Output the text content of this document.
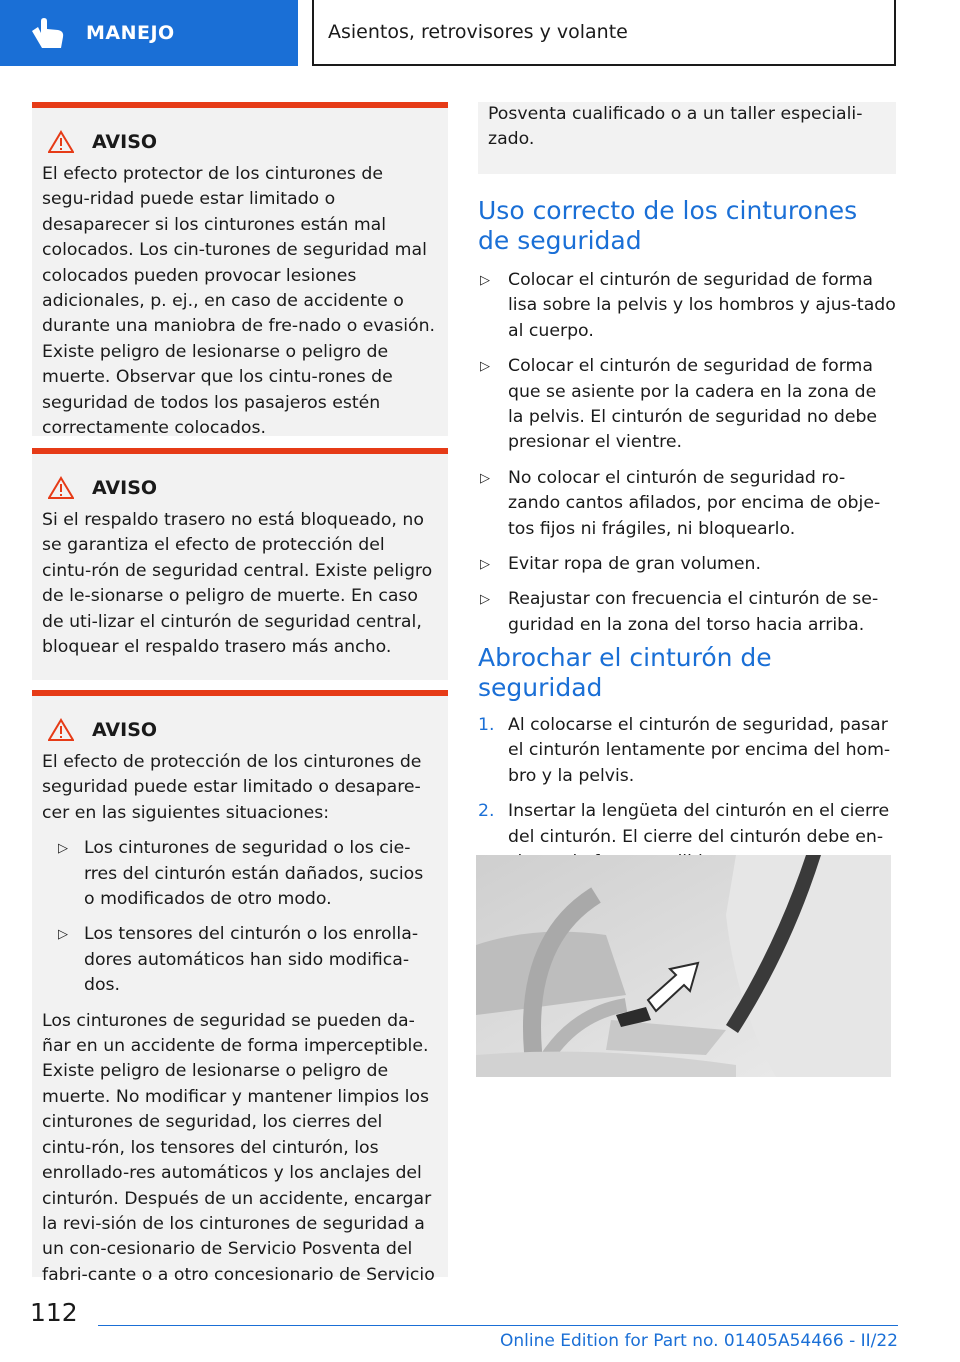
MANEJO	Asientos, retrovisores y volante
AVISO

El efecto protector de los cinturones de segu-ridad puede estar limitado o desaparecer si los cinturones están mal colocados. Los cin-turones de seguridad mal colocados pueden provocar lesiones adicionales, p. ej., en caso de accidente o durante una maniobra de fre-nado o evasión. Existe peligro de lesionarse o peligro de muerte. Observar que los cintu-rones de seguridad de todos los pasajeros estén correctamente colocados.

AVISO

Si el respaldo trasero no está bloqueado, no se garantiza el efecto de protección del cintu-rón de seguridad central. Existe peligro de le-sionarse o peligro de muerte. En caso de uti-lizar el cinturón de seguridad central, bloquear el respaldo trasero más ancho.

AVISO

El efecto de protección de los cinturones de seguridad puede estar limitado o desapare-cer en las siguientes situaciones:

▷ Los cinturones de seguridad o los cie-rres del cinturón están dañados, sucios o modificados de otro modo.
▷ Los tensores del cinturón o los enrolla-dores automáticos han sido modifica-dos.

Los cinturones de seguridad se pueden da-ñar en un accidente de forma imperceptible. Existe peligro de lesionarse o peligro de muerte. No modificar y mantener limpios los cinturones de seguridad, los cierres del cintu-rón, los tensores del cinturón, los enrollado-res automáticos y los anclajes del cinturón. Después de un accidente, encargar la revi-sión de los cinturones de seguridad a un con-cesionario de Servicio Posventa del fabri-cante o a otro concesionario de Servicio

Posventa cualificado o a un taller especiali-zado.

Uso correcto de los cinturones de seguridad
▷ Colocar el cinturón de seguridad de forma lisa sobre la pelvis y los hombros y ajus-tado al cuerpo.
▷ Colocar el cinturón de seguridad de forma que se asiente por la cadera en la zona de la pelvis. El cinturón de seguridad no debe presionar el vientre.
▷ No colocar el cinturón de seguridad ro-zando cantos afilados, por encima de obje-tos fijos ni frágiles, ni bloquearlo.
▷ Evitar ropa de gran volumen.
▷ Reajustar con frecuencia el cinturón de se-guridad en la zona del torso hacia arriba.
Abrochar el cinturón de seguridad
1. Al colocarse el cinturón de seguridad, pasar el cinturón lentamente por encima del hom-bro y la pelvis.
2. Insertar la lengüeta del cinturón en el cierre del cinturón. El cierre del cinturón debe en-
112
Online Edition for Part no. 01405A54466 - II/22
